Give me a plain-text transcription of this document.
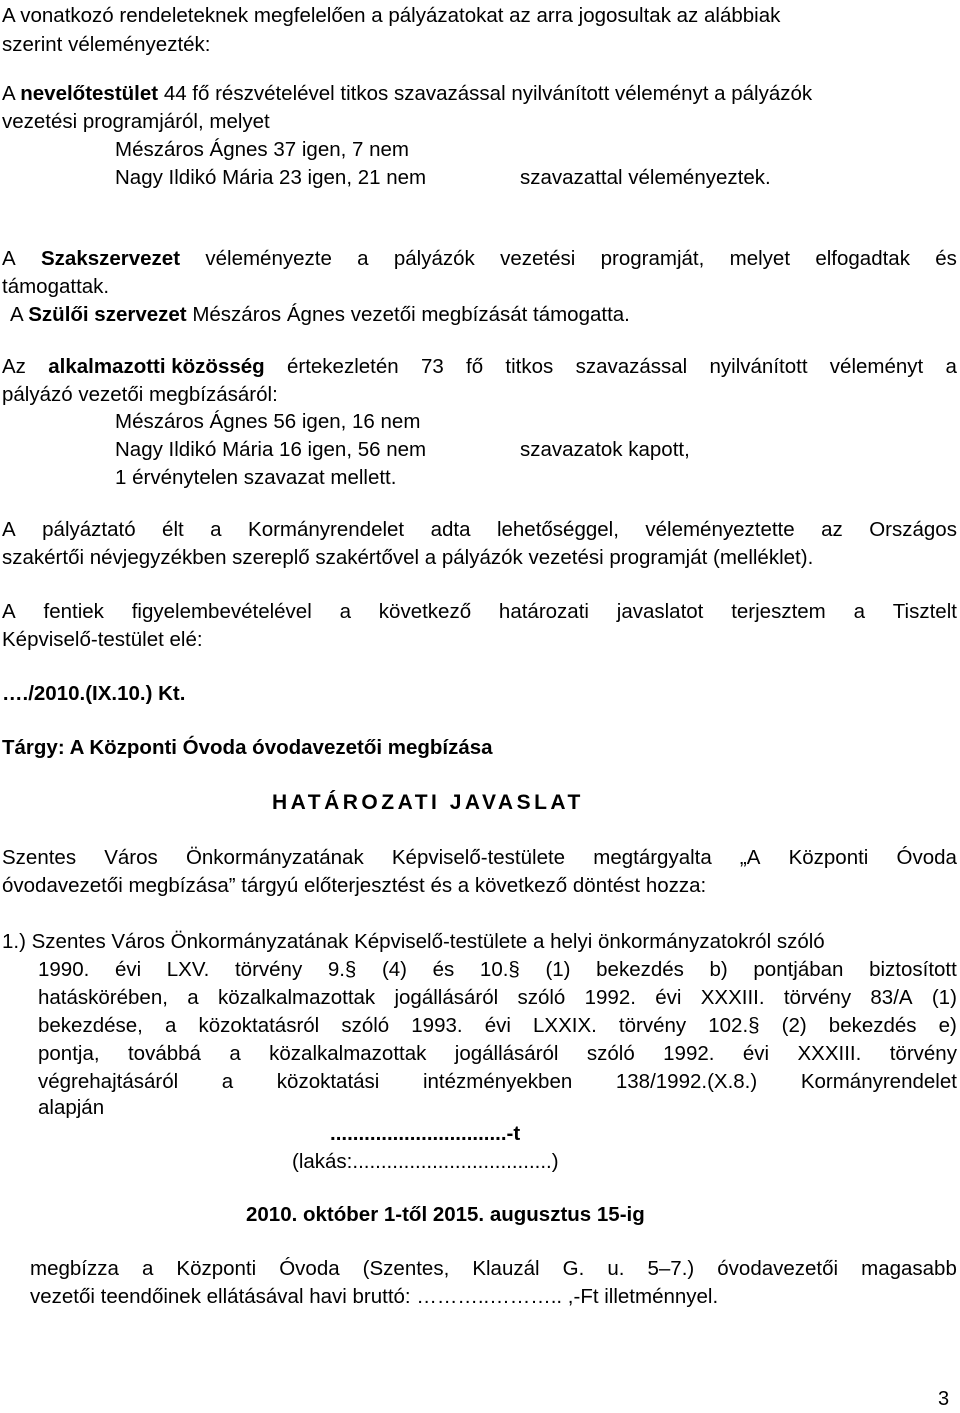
A vonatkozó rendeleteknek megfelelően a pályázatokat az arra jogosultak az alábbiak
szerint véleményezték:
A nevelőtestület 44 fő részvételével titkos szavazással nyilvánított véleményt a pályázók
vezetési programjáról, melyet
Mészáros Ágnes 37 igen, 7 nem
Nagy Ildikó Mária 23 igen, 21 nem	szavazattal véleményeztek.
A Szakszervezet véleményezte a pályázók vezetési programját, melyet elfogadtak és
támogattak.
A Szülői szervezet Mészáros Ágnes vezetői megbízását támogatta.
Az alkalmazotti közösség értekezletén 73 fő titkos szavazással nyilvánított véleményt a
pályázó vezetői megbízásáról:
Mészáros Ágnes 56 igen, 16 nem
Nagy Ildikó Mária 16 igen, 56 nem	szavazatok kapott,
1 érvénytelen szavazat mellett.
A pályáztató élt a Kormányrendelet adta lehetőséggel, véleményeztette az Országos
szakértői névjegyzékben szereplő szakértővel a pályázók vezetési programját (melléklet).
A fentiek figyelembevételével a következő határozati javaslatot terjesztem a Tisztelt
Képviselő-testület elé:
…./2010.(IX.10.) Kt.
Tárgy: A Központi Óvoda óvodavezetői megbízása
HATÁROZATI JAVASLAT
Szentes Város Önkormányzatának Képviselő-testülete megtárgyalta „A Központi Óvoda
óvodavezetői megbízása” tárgyú előterjesztést és a következő döntést hozza:
1.) Szentes Város Önkormányzatának Képviselő-testülete a helyi önkormányzatokról szóló
1990. évi LXV. törvény 9.§ (4) és 10.§ (1) bekezdés b) pontjában biztosított
hatáskörében, a közalkalmazottak jogállásáról szóló 1992. évi XXXIII. törvény 83/A (1)
bekezdése, a közoktatásról szóló 1993. évi LXXIX. törvény 102.§ (2) bekezdés e)
pontja, továbbá a közalkalmazottak jogállásáról szóló 1992. évi XXXIII. törvény
végrehajtásáról a közoktatási intézményekben 138/1992.(X.8.) Kormányrendelet
alapján
...............................-t
(lakás:...................................)
2010. október 1-től 2015. augusztus 15-ig
megbízza a Központi Óvoda (Szentes, Klauzál G. u. 5–7.) óvodavezetői magasabb
vezetői teendőinek ellátásával havi bruttó: ………..……….. ,-Ft illetménnyel.
3
